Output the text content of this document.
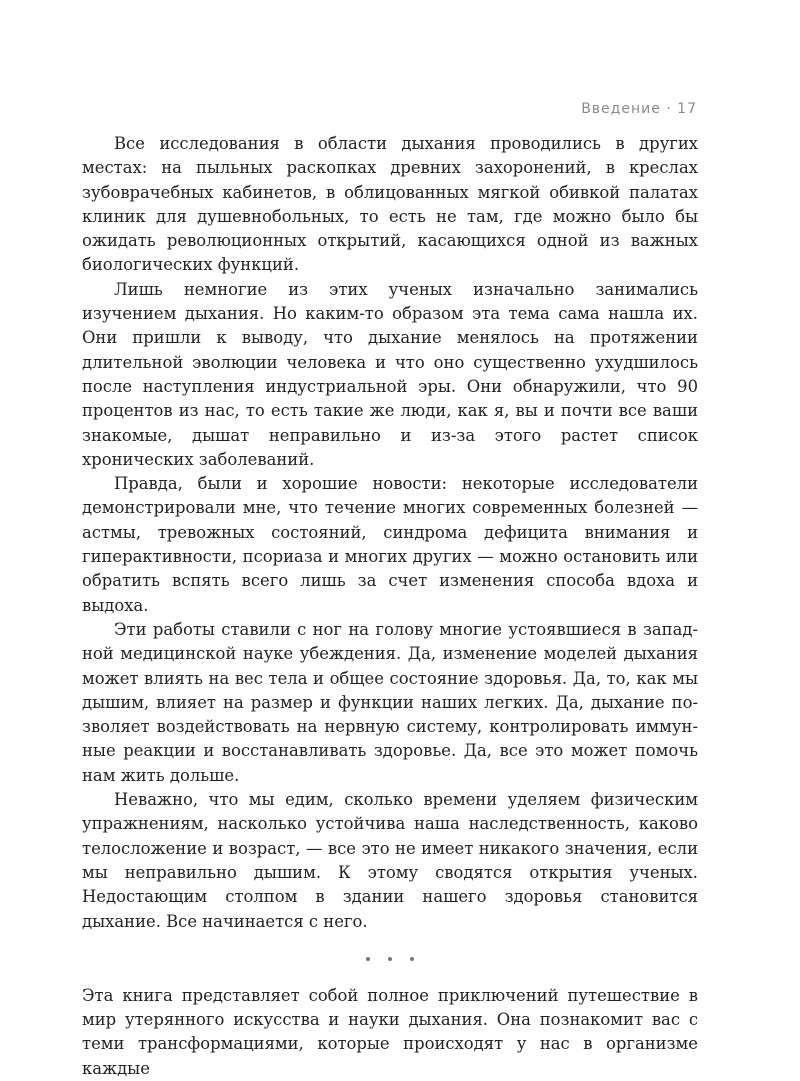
Введение · 17

Все исследования в области дыхания проводились в других местах: на пыльных раскопках древних захоронений, в креслах зубоврачебных кабинетов, в облицованных мягкой обивкой палатах клиник для душевнобольных, то есть не там, где можно было бы ожидать революционных открытий, касающихся одной из важных биологических функций.

Лишь немногие из этих ученых изначально занимались изучением дыхания. Но каким-то образом эта тема сама нашла их. Они пришли к выводу, что дыхание менялось на протяжении длительной эволюции человека и что оно существенно ухудшилось после наступления индустриальной эры. Они обнаружили, что 90 процентов из нас, то есть такие же люди, как я, вы и почти все ваши знакомые, дышат неправильно и из-за этого растет список хронических заболеваний.

Правда, были и хорошие новости: некоторые исследователи демонстрировали мне, что течение многих современных болезней — астмы, тревожных состояний, синдрома дефицита внимания и гиперактивности, псориаза и многих других — можно остановить или обратить вспять всего лишь за счет изменения способа вдоха и выдоха.

Эти работы ставили с ног на голову многие устоявшиеся в западной медицинской науке убеждения. Да, изменение моделей дыхания может влиять на вес тела и общее состояние здоровья. Да, то, как мы дышим, влияет на размер и функции наших легких. Да, дыхание позволяет воздействовать на нервную систему, контролировать иммунные реакции и восстанавливать здоровье. Да, все это может помочь нам жить дольше.

Неважно, что мы едим, сколько времени уделяем физическим упражнениям, насколько устойчива наша наследственность, каково телосложение и возраст, — все это не имеет никакого значения, если мы неправильно дышим. К этому сводятся открытия ученых. Недостающим столпом в здании нашего здоровья становится дыхание. Все начинается с него.

Эта книга представляет собой полное приключений путешествие в мир утерянного искусства и науки дыхания. Она познакомит вас с теми трансформациями, которые происходят у нас в организме каждые
